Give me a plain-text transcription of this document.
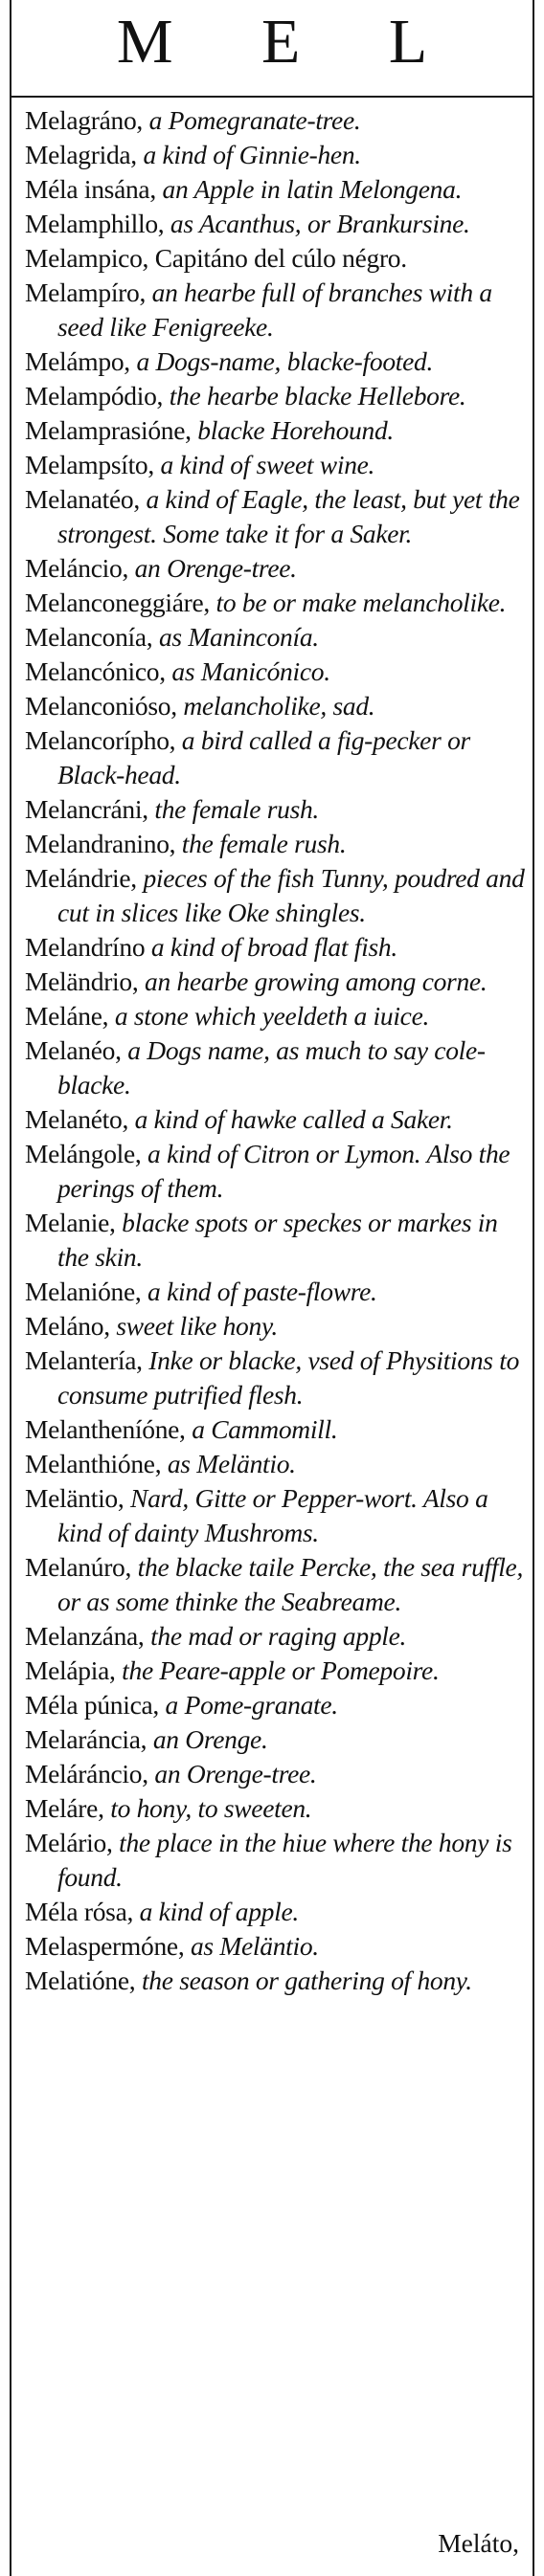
M E L

Melagráno, a Pomegranate-tree.

Melagrida, a kind of Ginnie-hen.

Méla insána, an Apple in latin Melongena.

Melamphillo, as Acanthus, or Brankursine.

Melampico, Capitáno del cúlo négro.

Melampíro, an hearbe full of branches with a seed like Fenigreeke.

Melámpo, a Dogs-name, blacke-footed.

Melampódio, the hearbe blacke Hellebore.

Melamprasióne, blacke Horehound.

Melampsíto, a kind of sweet wine.

Melanatéo, a kind of Eagle, the least, but yet the strongest. Some take it for a Saker.

Meláncio, an Orenge-tree.

Melanconeggiáre, to be or make melancholike.

Melanconía, as Maninconía.

Melancónico, as Manicónico.

Melanconióso, melancholike, sad.

Melancorípho, a bird called a fig-pecker or Black-head.

Melancráni, the female rush.

Melandranino, the female rush.

Melándrie, pieces of the fish Tunny, poudred and cut in slices like Oke shingles.

Melandríno a kind of broad flat fish.

Meländrio, an hearbe growing among corne.

Meláne, a stone which yeeldeth a iuice.

Melanéo, a Dogs name, as much to say cole-blacke.

Melanéto, a kind of hawke called a Saker.

Melángole, a kind of Citron or Lymon. Also the perings of them.

Melanie, blacke spots or speckes or markes in the skin.

Melanióne, a kind of paste-flowre.

Meláno, sweet like hony.

Melantería, Inke or blacke, vsed of Physitions to consume putrified flesh.

Melantheníóne, a Cammomill.

Melanthióne, as Meläntio.

Meläntio, Nard, Gitte or Pepper-wort. Also a kind of dainty Mushroms.

Melanúro, the blacke taile Percke, the sea ruffle, or as some thinke the Seabreame.

Melanzána, the mad or raging apple.

Melápia, the Peare-apple or Pomepoire.

Méla púnica, a Pome-granate.

Melaráncia, an Orenge.

Meláráncio, an Orenge-tree.

Meláre, to hony, to sweeten.

Melário, the place in the hiue where the hony is found.

Méla rósa, a kind of apple.

Melaspermóne, as Meläntio.

Melatióne, the season or gathering of hony.

Meláto,
